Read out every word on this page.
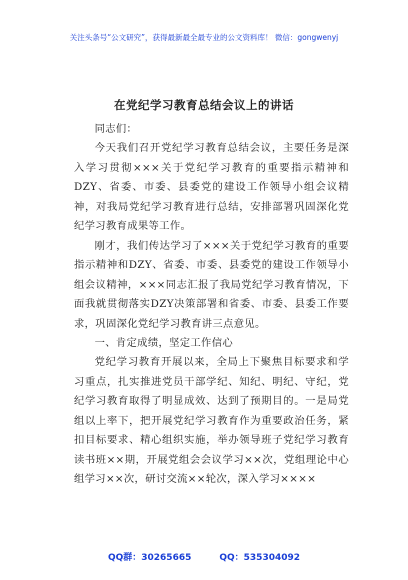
关注头条号“公文研究”，获得最新最全最专业的公文资料库！ 微信：gongwenyj
在党纪学习教育总结会议上的讲话
同志们：

今天我们召开党纪学习教育总结会议，主要任务是深入学习贯彻×××关于党纪学习教育的重要指示精神和DZY、省委、市委、县委党的建设工作领导小组会议精神，对我局党纪学习教育进行总结，安排部署巩固深化党纪学习教育成果等工作。

刚才，我们传达学习了×××关于党纪学习教育的重要指示精神和DZY、省委、市委、县委党的建设工作领导小组会议精神，×××同志汇报了我局党纪学习教育情况，下面我就贯彻落实DZY决策部署和省委、市委、县委工作要求，巩固深化党纪学习教育讲三点意见。

一、肯定成绩，坚定工作信心

党纪学习教育开展以来，全局上下聚焦目标要求和学习重点，扎实推进党员干部学纪、知纪、明纪、守纪，党纪学习教育取得了明显成效、达到了预期目的。一是局党组以上率下，把开展党纪学习教育作为重要政治任务，紧扣目标要求、精心组织实施，举办领导班子党纪学习教育读书班××期，开展党组会会议学习××次，党组理论中心组学习××次，研讨交流××轮次，深入学习××××

QQ群：30265665	QQ：535304092
